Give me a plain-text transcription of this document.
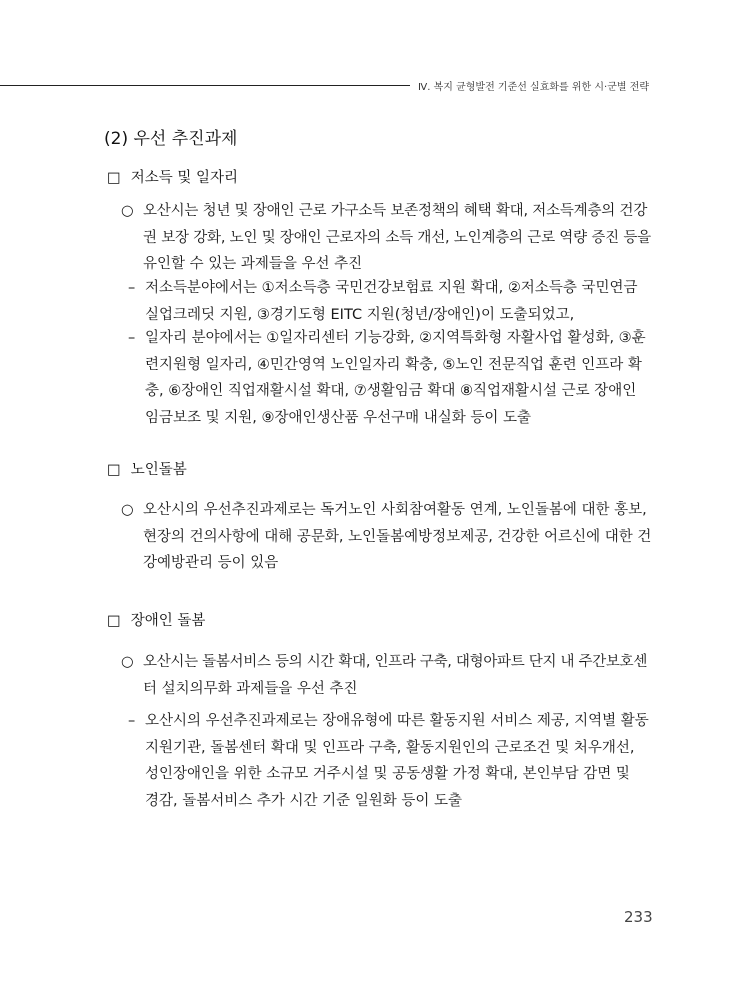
Ⅳ. 복지 균형발전 기준선 실효화를 위한 시·군별 전략
(2) 우선 추진과제
□ 저소득 및 일자리
○ 오산시는 청년 및 장애인 근로 가구소득 보존정책의 혜택 확대, 저소득계층의 건강
권 보장 강화, 노인 및 장애인 근로자의 소득 개선, 노인계층의 근로 역량 증진 등을
유인할 수 있는 과제들을 우선 추진
– 저소득분야에서는 ①저소득층 국민건강보험료 지원 확대, ②저소득층 국민연금
실업크레딧 지원, ③경기도형 EITC 지원(청년/장애인)이 도출되었고,
– 일자리 분야에서는 ①일자리센터 기능강화, ②지역특화형 자활사업 활성화, ③훈
련지원형 일자리, ④민간영역 노인일자리 확충, ⑤노인 전문직업 훈련 인프라 확
충, ⑥장애인 직업재활시설 확대, ⑦생활임금 확대 ⑧직업재활시설 근로 장애인
임금보조 및 지원, ⑨장애인생산품 우선구매 내실화 등이 도출
□ 노인돌봄
○ 오산시의 우선추진과제로는 독거노인 사회참여활동 연계, 노인돌봄에 대한 홍보,
현장의 건의사항에 대해 공문화, 노인돌봄예방정보제공, 건강한 어르신에 대한 건
강예방관리 등이 있음
□ 장애인 돌봄
○ 오산시는 돌봄서비스 등의 시간 확대, 인프라 구축, 대형아파트 단지 내 주간보호센
터 설치의무화 과제들을 우선 추진
– 오산시의 우선추진과제로는 장애유형에 따른 활동지원 서비스 제공, 지역별 활동
지원기관, 돌봄센터 확대 및 인프라 구축, 활동지원인의 근로조건 및 처우개선,
성인장애인을 위한 소규모 거주시설 및 공동생활 가정 확대, 본인부담 감면 및
경감, 돌봄서비스 추가 시간 기준 일원화 등이 도출
233
